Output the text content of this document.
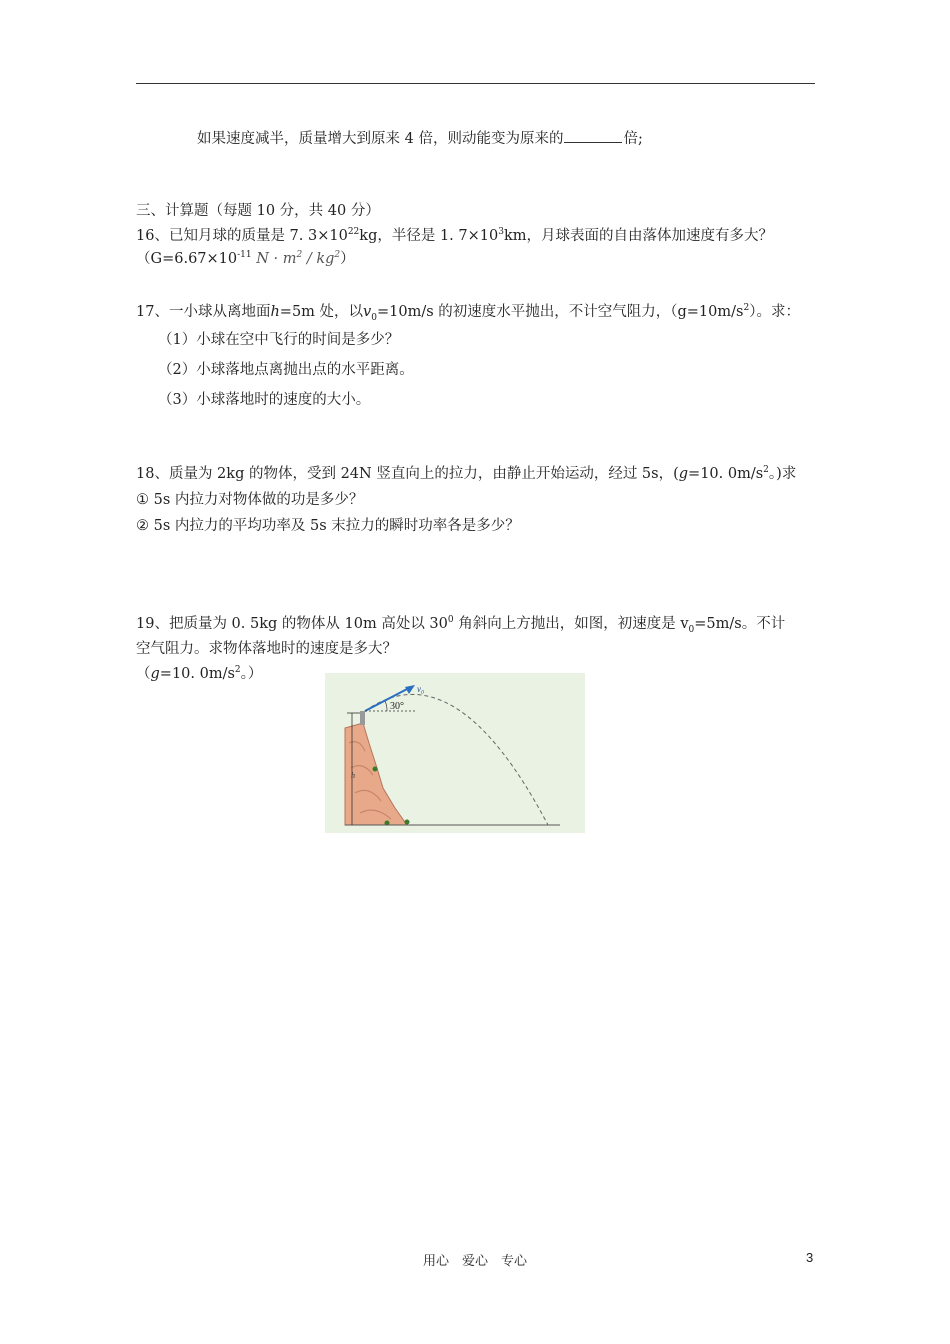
如果速度减半，质量增大到原来 4 倍，则动能变为原来的	倍;
三、计算题（每题 10 分，共 40 分）
16、已知月球的质量是 7. $3\times 10^{22}kg$，半径是 1. $7\times 10^3km$，月球表面的自由落体加速度有多大？
（$G=6.67\times 10^{-11}$ $N \cdot m^2 / kg^2$）
17、一小球从离地面h=5m 处，以$v_0=10m/s$ 的初速度水平抛出，不计空气阻力，$(g=10m/s^2)$。求：
（1）小球在空中飞行的时间是多少？
（2）小球落地点离抛出点的水平距离。
（3）小球落地时的速度的大小。
18、质量为 2kg 的物体，受到 24N 竖直向上的拉力，由静止开始运动，经过 5s，(g=10. $0m/s^2$。)求
① 5s 内拉力对物体做的功是多少？
② 5s 内拉力的平均功率及 5s 末拉力的瞬时功率各是多少？
19、把质量为 0. 5kg 的物体从 10m 高处以 $30^0$ 角斜向上方抛出，如图，初速度是 $v_0=5m/s$。不计
空气阻力。求物体落地时的速度是多大？
（g=10. $0m/s^2$。）
h
v₀
30°
用心　爱心　专心	3
